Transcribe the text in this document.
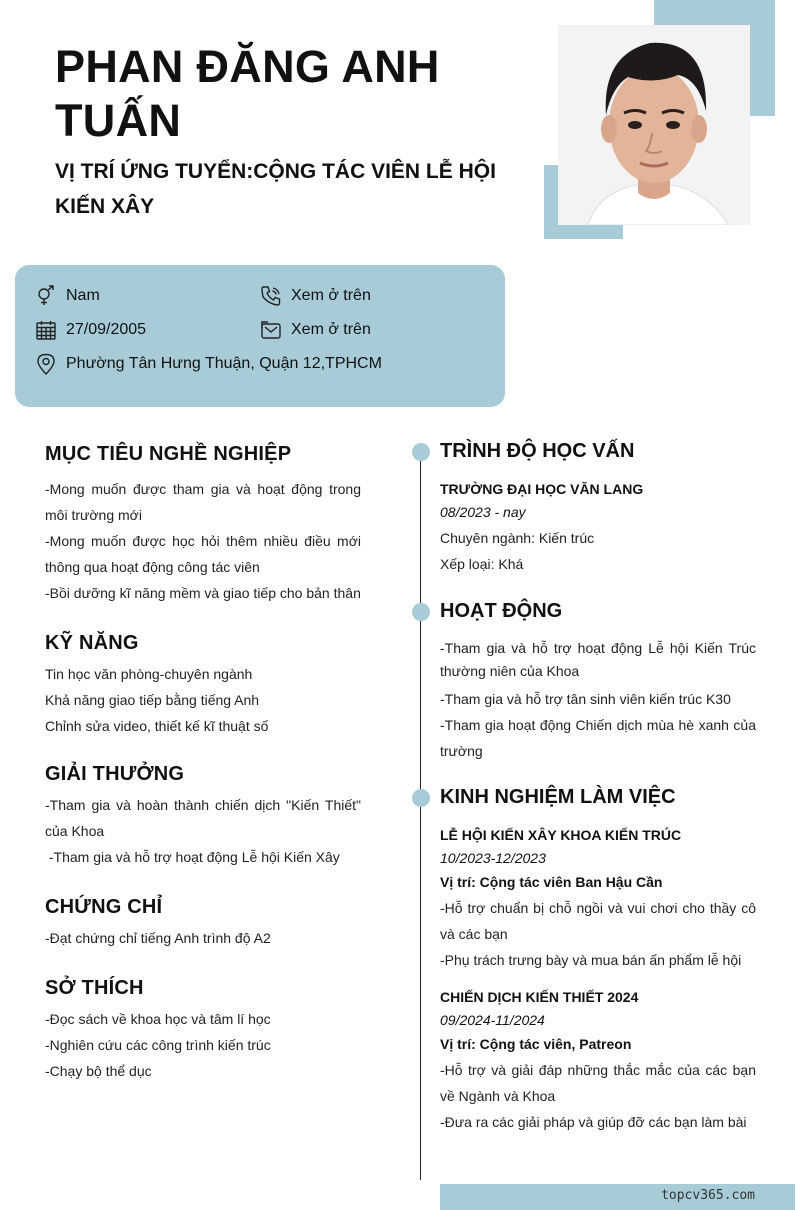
PHAN ĐĂNG ANH TUẤN
VỊ TRÍ ỨNG TUYỂN:CỘNG TÁC VIÊN LỄ HỘI KIẾN XÂY
Nam	Xem ở trên
27/09/2005	Xem ở trên
Phường Tân Hưng Thuận, Quận 12,TPHCM
MỤC TIÊU NGHỀ NGHIỆP
-Mong muốn được tham gia và hoạt động trong môi trường mới
-Mong muốn được học hỏi thêm nhiều điều mới thông qua hoạt động công tác viên
-Bồi dưỡng kĩ năng mềm và giao tiếp cho bản thân
KỸ NĂNG
Tin học văn phòng-chuyên ngành
Khả năng giao tiếp bằng tiếng Anh
Chỉnh sửa video, thiết kế kĩ thuật số
GIẢI THƯỞNG
-Tham gia và hoàn thành chiến dịch "Kiến Thiết" của Khoa
-Tham gia và hỗ trợ hoạt động Lễ hội Kiến Xây
CHỨNG CHỈ
-Đạt chứng chỉ tiếng Anh trình độ A2
SỞ THÍCH
-Đọc sách về khoa học và tâm lí học
-Nghiên cứu các công trình kiến trúc
-Chạy bộ thể dục
TRÌNH ĐỘ HỌC VẤN
TRƯỜNG ĐẠI HỌC VĂN LANG
08/2023 - nay
Chuyên ngành: Kiến trúc
Xếp loại: Khá
HOẠT ĐỘNG
-Tham gia và hỗ trợ hoạt động Lễ hội Kiến Trúc thường niên của Khoa
-Tham gia và hỗ trợ tân sinh viên kiến trúc K30
-Tham gia hoạt động Chiến dịch mùa hè xanh của trường
KINH NGHIỆM LÀM VIỆC
LỄ HỘI KIẾN XÂY KHOA KIẾN TRÚC
10/2023-12/2023
Vị trí: Cộng tác viên Ban Hậu Cần
-Hỗ trợ chuẩn bị chỗ ngồi và vui chơi cho thầy cô và các bạn
-Phụ trách trưng bày và mua bán ấn phẩm lễ hội
CHIẾN DỊCH KIẾN THIẾT 2024
09/2024-11/2024
Vị trí: Cộng tác viên, Patreon
-Hỗ trợ và giải đáp những thắc mắc của các bạn về Ngành và Khoa
-Đưa ra các giải pháp và giúp đỡ các bạn làm bài
topcv365.com
